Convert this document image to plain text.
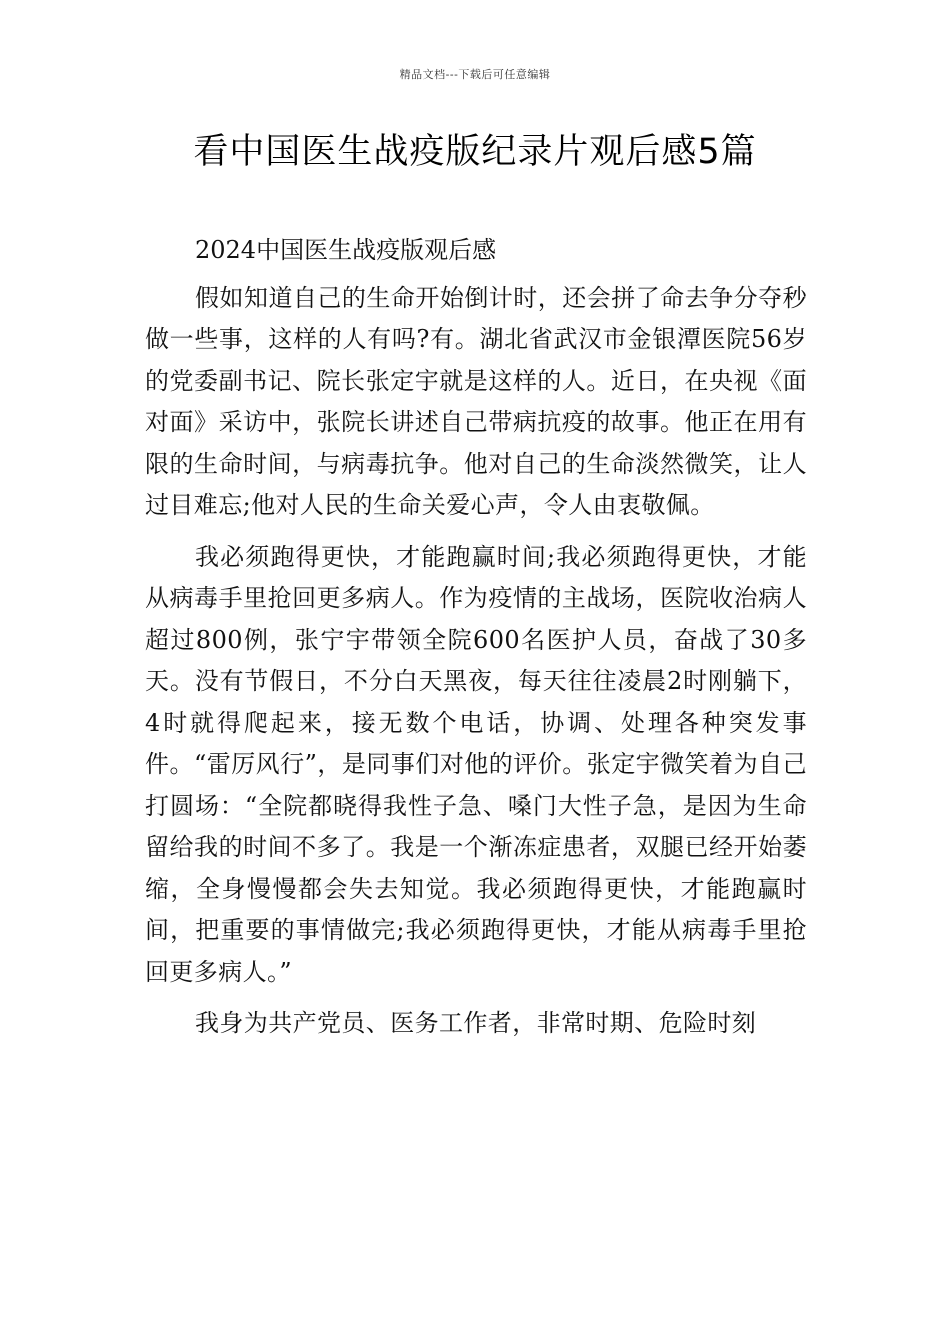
精品文档---下载后可任意编辑
看中国医生战疫版纪录片观后感5篇

2024中国医生战疫版观后感

假如知道自己的生命开始倒计时，还会拼了命去争分夺秒做一些事，这样的人有吗?有。湖北省武汉市金银潭医院56岁的党委副书记、院长张定宇就是这样的人。近日，在央视《面对面》采访中，张院长讲述自己带病抗疫的故事。他正在用有限的生命时间，与病毒抗争。他对自己的生命淡然微笑，让人过目难忘;他对人民的生命关爱心声，令人由衷敬佩。

我必须跑得更快，才能跑赢时间;我必须跑得更快，才能从病毒手里抢回更多病人。作为疫情的主战场，医院收治病人超过800例，张宁宇带领全院600名医护人员，奋战了30多天。没有节假日，不分白天黑夜，每天往往凌晨2时刚躺下，4时就得爬起来，接无数个电话，协调、处理各种突发事件。“雷厉风行”，是同事们对他的评价。张定宇微笑着为自己打圆场：“全院都晓得我性子急、嗓门大性子急，是因为生命留给我的时间不多了。我是一个渐冻症患者，双腿已经开始萎缩，全身慢慢都会失去知觉。我必须跑得更快，才能跑赢时间，把重要的事情做完;我必须跑得更快，才能从病毒手里抢回更多病人。”

我身为共产党员、医务工作者，非常时期、危险时刻
